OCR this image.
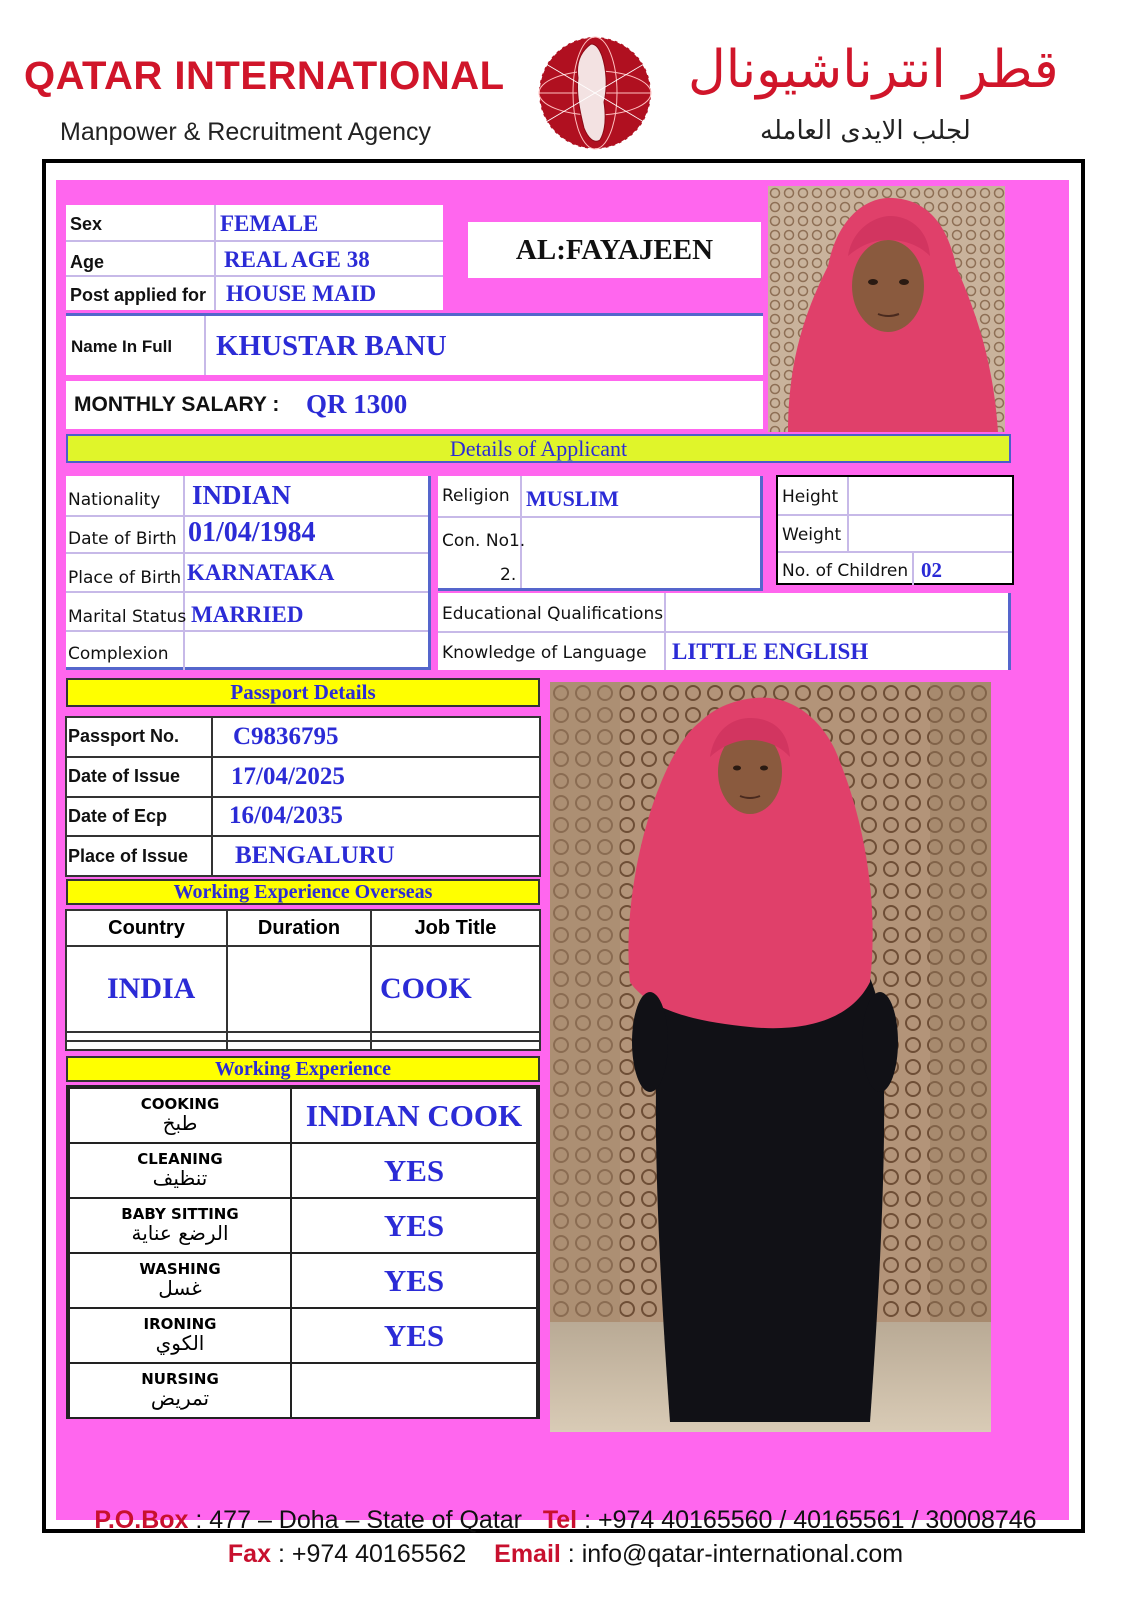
QATAR INTERNATIONAL
Manpower & Recruitment Agency
قطر انترناشيونال
لجلب الايدى العامله
Sex	FEMALE
Age	REAL AGE 38
Post applied for HOUSE MAID
AL:FAYAJEEN
Name In Full KHUSTAR BANU
MONTHLY SALARY : QR 1300
Details of Applicant
Nationality INDIAN
Date of Birth 01/04/1984
Place of Birth KARNATAKA
Marital Status MARRIED
Complexion
Religion MUSLIM
Con. No1.
2.
Height
Weight
No. of Children 02
Educational Qualifications
Knowledge of Language LITTLE ENGLISH
Passport Details
Passport No.	C9836795
Date of Issue	17/04/2025
Date of Ecp	16/04/2035
Place of Issue	BENGALURU
Working Experience Overseas
Country	Duration	Job Title
INDIA		COOK

Working Experience
COOKING
طبخ	INDIAN COOK

CLEANING
تنظيف	YES

BABY SITTING
الرضع عناية	YES

WASHING
غسل	YES

IRONING
الكوي	YES

NURSING
تمريض	

P.O.Box : 477 – Doha – State of Qatar Tel : +974 40165560 / 40165561 / 30008746
Fax : +974 40165562 Email : info@qatar-international.com
